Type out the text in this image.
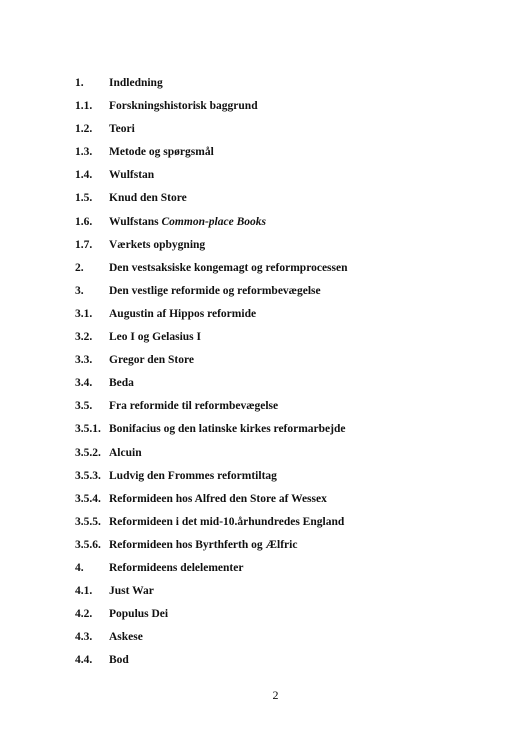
1.	Indledning
1.1.	Forskningshistorisk baggrund
1.2.	Teori
1.3.	Metode og spørgsmål
1.4.	Wulfstan
1.5.	Knud den Store
1.6.	Wulfstans Common-place Books
1.7.	Værkets opbygning
2.	Den vestsaksiske kongemagt og reformprocessen
3.	Den vestlige reformide og reformbevægelse
3.1.	Augustin af Hippos reformide
3.2.	Leo I og Gelasius I
3.3.	Gregor den Store
3.4.	Beda
3.5.	Fra reformide til reformbevægelse
3.5.1. Bonifacius og den latinske kirkes reformarbejde
3.5.2. Alcuin
3.5.3. Ludvig den Frommes reformtiltag
3.5.4. Reformideen hos Alfred den Store af Wessex
3.5.5. Reformideen i det mid-10.århundredes England
3.5.6. Reformideen hos Byrthferth og Ælfric
4.	Reformideens delelementer
4.1.	Just War
4.2.	Populus Dei
4.3.	Askese
4.4.	Bod
2
